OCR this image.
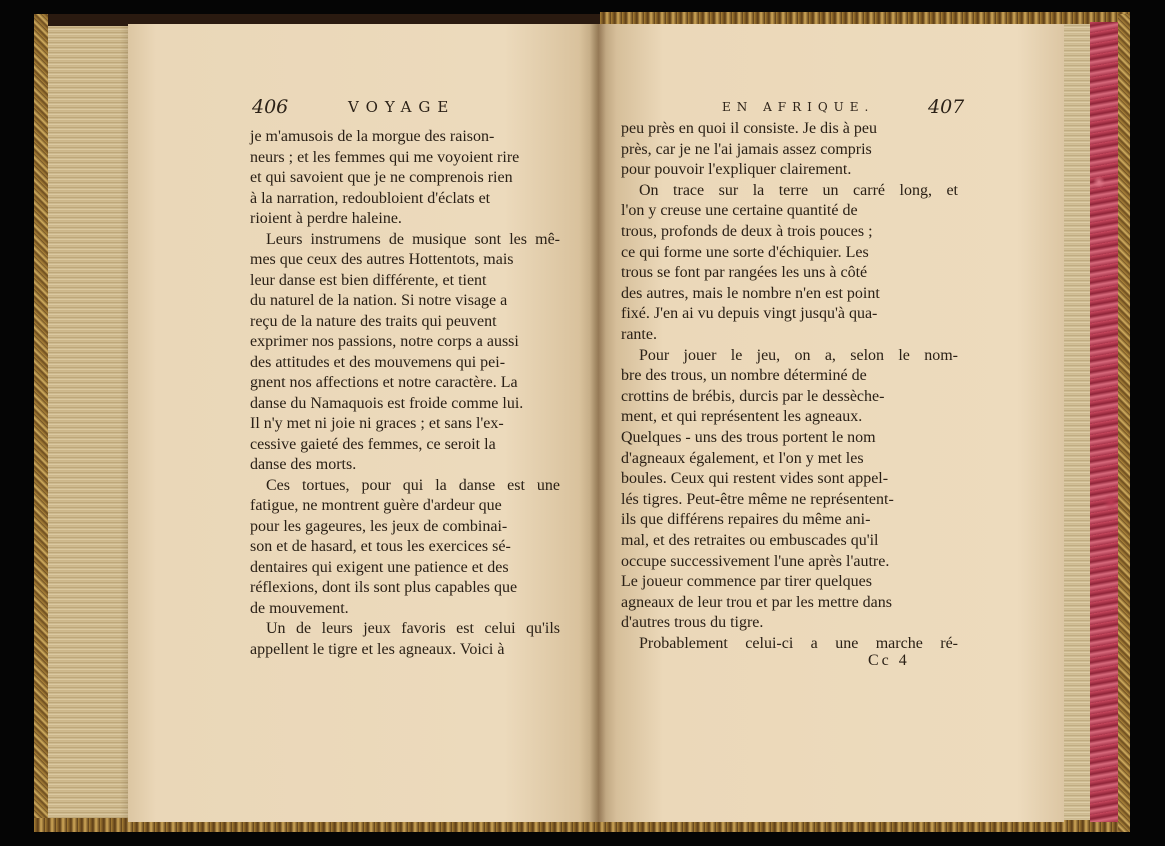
406	VOYAGE	EN AFRIQUE.	407
je m'amusois de la morgue des raison-
neurs ; et les femmes qui me voyoient rire
et qui savoient que je ne comprenois rien
à la narration, redoubloient d'éclats et
rioient à perdre haleine.
Leurs instrumens de musique sont les mê-
mes que ceux des autres Hottentots, mais
leur danse est bien différente, et tient
du naturel de la nation. Si notre visage a
reçu de la nature des traits qui peuvent
exprimer nos passions, notre corps a aussi
des attitudes et des mouvemens qui pei-
gnent nos affections et notre caractère. La
danse du Namaquois est froide comme lui.
Il n'y met ni joie ni graces ; et sans l'ex-
cessive gaieté des femmes, ce seroit la
danse des morts.
Ces tortues, pour qui la danse est une
fatigue, ne montrent guère d'ardeur que
pour les gageures, les jeux de combinai-
son et de hasard, et tous les exercices sé-
dentaires qui exigent une patience et des
réflexions, dont ils sont plus capables que
de mouvement.
Un de leurs jeux favoris est celui qu'ils
appellent le tigre et les agneaux. Voici à
peu près en quoi il consiste. Je dis à peu
près, car je ne l'ai jamais assez compris
pour pouvoir l'expliquer clairement.
On trace sur la terre un carré long, et
l'on y creuse une certaine quantité de
trous, profonds de deux à trois pouces ;
ce qui forme une sorte d'échiquier. Les
trous se font par rangées les uns à côté
des autres, mais le nombre n'en est point
fixé. J'en ai vu depuis vingt jusqu'à qua-
rante.
Pour jouer le jeu, on a, selon le nom-
bre des trous, un nombre déterminé de
crottins de brébis, durcis par le dessèche-
ment, et qui représentent les agneaux.
Quelques - uns des trous portent le nom
d'agneaux également, et l'on y met les
boules. Ceux qui restent vides sont appel-
lés tigres. Peut-être même ne représentent-
ils que différens repaires du même ani-
mal, et des retraites ou embuscades qu'il
occupe successivement l'une après l'autre.
Le joueur commence par tirer quelques
agneaux de leur trou et par les mettre dans
d'autres trous du tigre.
Probablement celui-ci a une marche ré-
Cc 4
